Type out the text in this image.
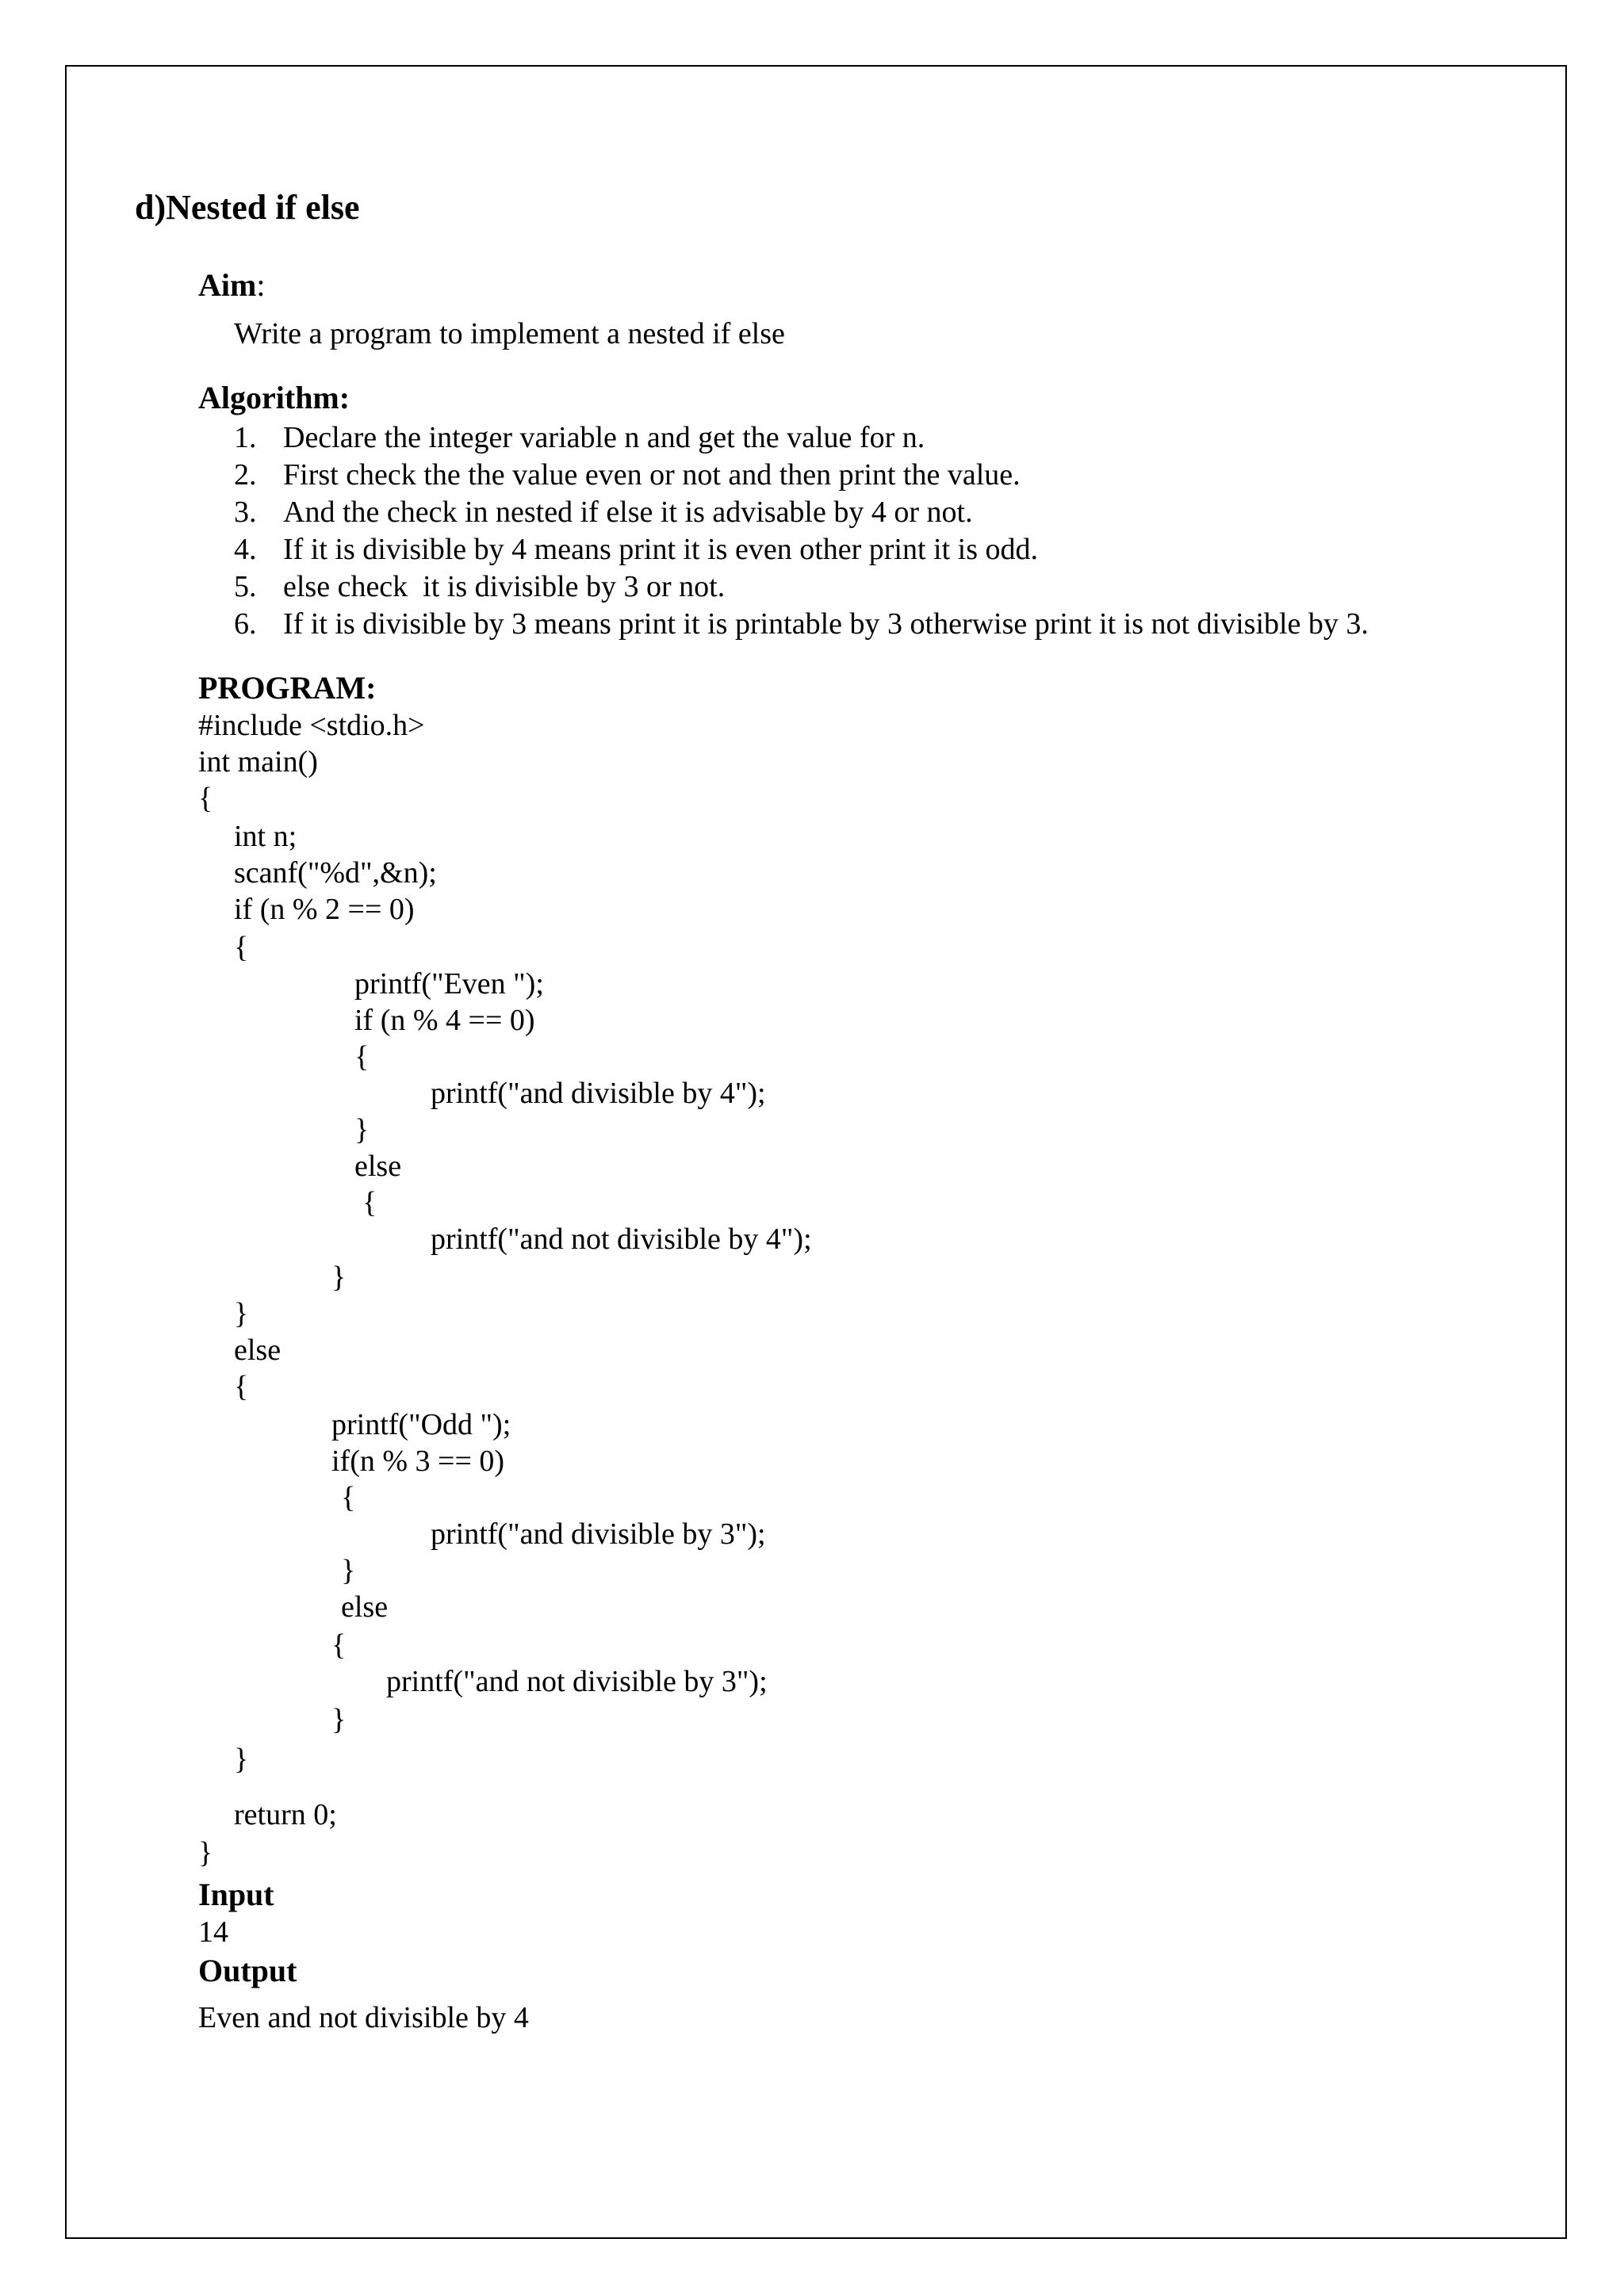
d)Nested if else
Aim:
Write a program to implement a nested if else
Algorithm:
1. Declare the integer variable n and get the value for n.
2. First check the the value even or not and then print the value.
3. And the check in nested if else it is advisable by 4 or not.
4. If it is divisible by 4 means print it is even other print it is odd.
5. else check  it is divisible by 3 or not.
6. If it is divisible by 3 means print it is printable by 3 otherwise print it is not divisible by 3.
PROGRAM:
#include <stdio.h>
int main()
{
int n;
scanf("%d",&n);
if (n % 2 == 0)
{
printf("Even ");
if (n % 4 == 0)
{
printf("and divisible by 4");
}
else
{
printf("and not divisible by 4");
}
}
else
{
printf("Odd ");
if(n % 3 == 0)
{
printf("and divisible by 3");
}
else
{
printf("and not divisible by 3");
}
}
return 0;
}
Input
14
Output
Even and not divisible by 4
